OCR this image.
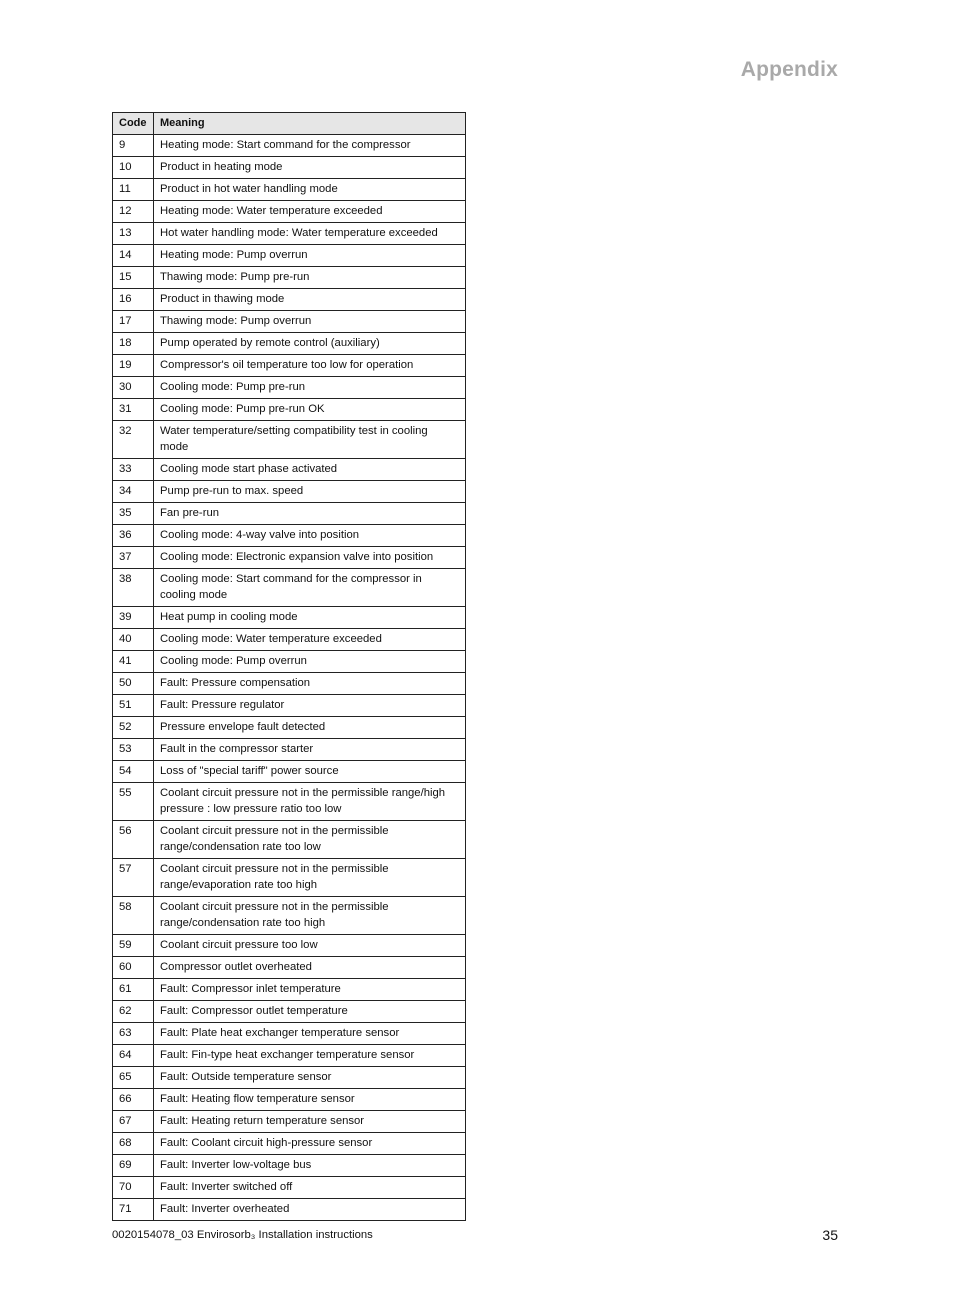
Appendix
Code	Meaning
9	Heating mode: Start command for the compressor
10	Product in heating mode
11	Product in hot water handling mode
12	Heating mode: Water temperature exceeded
13	Hot water handling mode: Water temperature exceeded
14	Heating mode: Pump overrun
15	Thawing mode: Pump pre-run
16	Product in thawing mode
17	Thawing mode: Pump overrun
18	Pump operated by remote control (auxiliary)
19	Compressor's oil temperature too low for operation
30	Cooling mode: Pump pre-run
31	Cooling mode: Pump pre-run OK
32	Water temperature/setting compatibility test in cooling mode
33	Cooling mode start phase activated
34	Pump pre-run to max. speed
35	Fan pre-run
36	Cooling mode: 4-way valve into position
37	Cooling mode: Electronic expansion valve into position
38	Cooling mode: Start command for the compressor in cooling mode
39	Heat pump in cooling mode
40	Cooling mode: Water temperature exceeded
41	Cooling mode: Pump overrun
50	Fault: Pressure compensation
51	Fault: Pressure regulator
52	Pressure envelope fault detected
53	Fault in the compressor starter
54	Loss of "special tariff" power source
55	Coolant circuit pressure not in the permissible range/high pressure : low pressure ratio too low
56	Coolant circuit pressure not in the permissible range/condensation rate too low
57	Coolant circuit pressure not in the permissible range/evaporation rate too high
58	Coolant circuit pressure not in the permissible range/condensation rate too high
59	Coolant circuit pressure too low
60	Compressor outlet overheated
61	Fault: Compressor inlet temperature
62	Fault: Compressor outlet temperature
63	Fault: Plate heat exchanger temperature sensor
64	Fault: Fin-type heat exchanger temperature sensor
65	Fault: Outside temperature sensor
66	Fault: Heating flow temperature sensor
67	Fault: Heating return temperature sensor
68	Fault: Coolant circuit high-pressure sensor
69	Fault: Inverter low-voltage bus
70	Fault: Inverter switched off
71	Fault: Inverter overheated
0020154078_03 Envirosorb₃ Installation instructions	35
